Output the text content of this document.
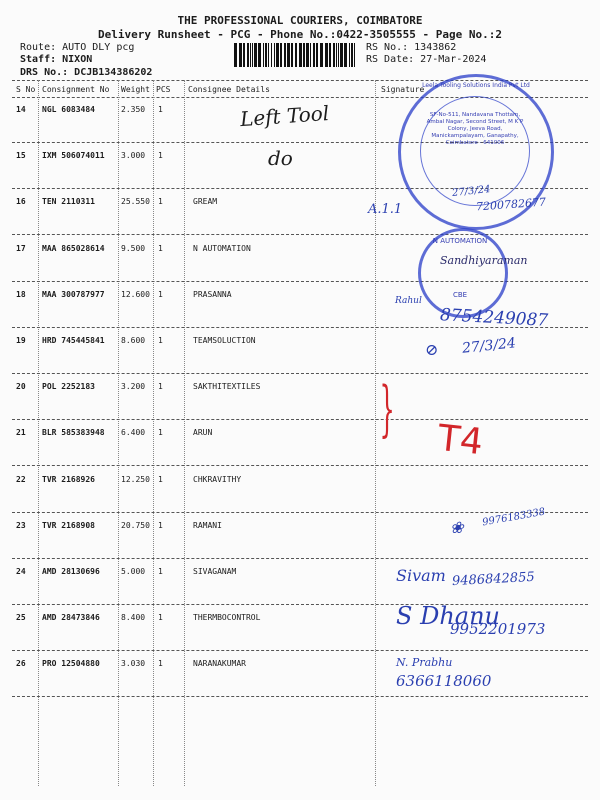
THE PROFESSIONAL COURIERS, COIMBATORE
Delivery Runsheet - PCG - Phone No.:0422-3505555 - Page No.:2
Route: AUTO DLY pcg
Staff: NIXON
DRS No.: DCJB134386202
RS No.: 1343862
RS Date: 27-Mar-2024
S No Consignment No Weight PCS Consignee Details	Signature
14 NGL 6083484	2.350 1
15 IXM 506074011 3.000 1
16 TEN 2110311	25.550 1	GREAM
17 MAA 865028614 9.500 1	N AUTOMATION
18 MAA 300787977 12.600 1	PRASANNA
19 HRD 745445841 8.600 1	TEAMSOLUCTION
20 POL 2252183	3.200 1	SAKTHITEXTILES
21 BLR 585383948 6.400 1	ARUN
22 TVR 2168926	12.250 1	CHKRAVITHY
23 TVR 2168908	20.750 1	RAMANI
24 AMD 28130696	5.000 1	SIVAGANAM
25 AMD 28473846	8.400 1	THERMBOCONTROL
26 PRO 12504880	3.030 1	NARANAKUMAR
SF-No-511, Nandavana Thottam, Ambal Nagar, Second Street, M K P Colony, Jeeva Road, Manickampalayam, Ganapathy, Coimbatore - 641006
Leela Tooling Solutions India Pvt Ltd
N AUTOMATION
CBE
Left Tool
do
A.1.1
27/3/24
7200782677
Sandhiyaraman
Rahul
8754249087
⊘ 27/3/24
} T4
❀ 9976183338
Sivam 9486842855
S Dhanu
9952201973
N. Prabhu
6366118060
